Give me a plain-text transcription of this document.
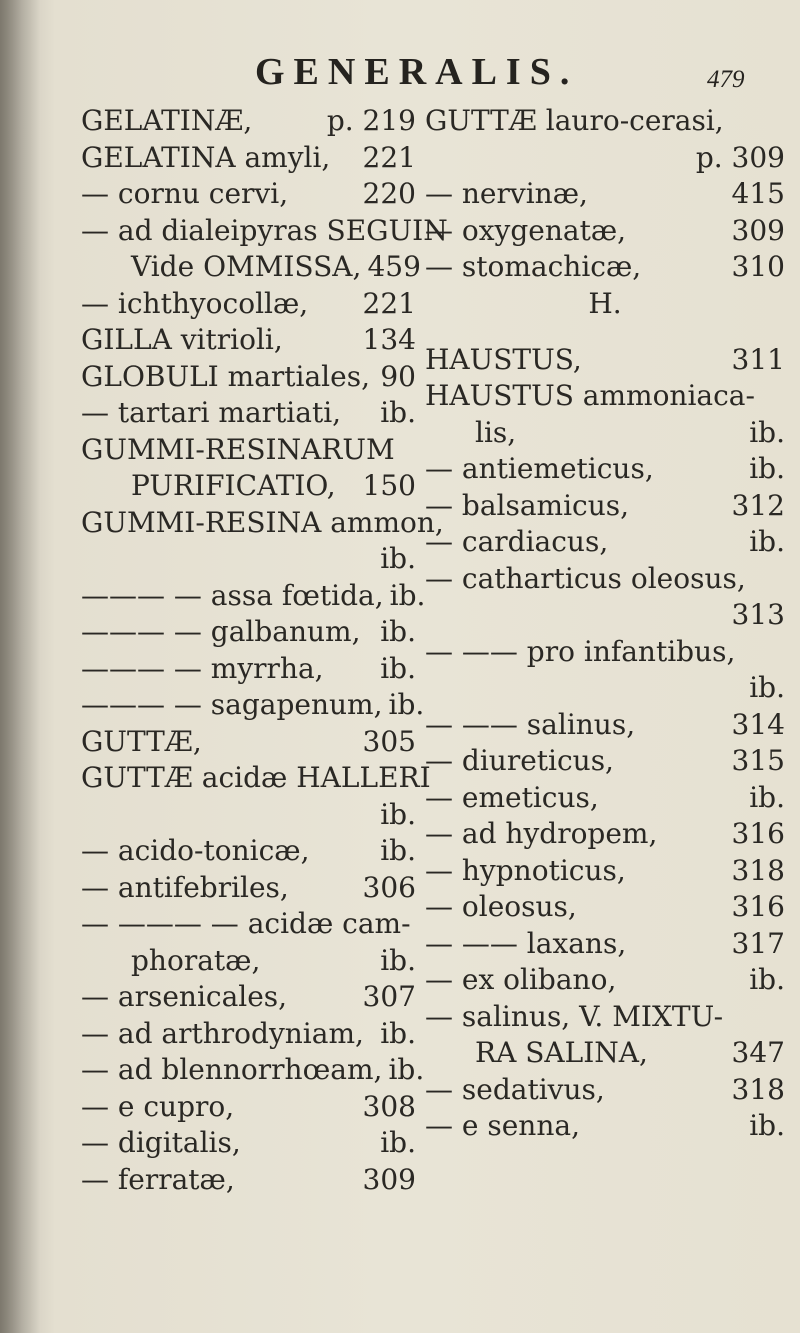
GENERALIS.	479
GELATINÆ,	p. 219
GELATINA amyli,	221
— cornu cervi,	220
— ad dialeipyras SEGUIN
Vide OMMISSA, 459
— ichthyocollæ,	221
GILLA vitrioli,	134
GLOBULI martiales, 90
— tartari martiati,	ib.
GUMMI-RESINARUM
PURIFICATIO, 150
GUMMI-RESINA ammon,
ib.
——— — assa fœtida, ib.
——— — galbanum, ib.
——— — myrrha,	ib.
——— — sagapenum, ib.
GUTTÆ,	305
GUTTÆ acidæ HALLERI
ib.
— acido-tonicæ,	ib.
— antifebriles,	306
— ——— — acidæ cam-
phoratæ,	ib.
— arsenicales,	307
— ad arthrodyniam, ib.
— ad blennorrhœam, ib.
— e cupro,	308
— digitalis,	ib.
— ferratæ,	309
GUTTÆ lauro-cerasi,
p. 309
— nervinæ,	415
— oxygenatæ,	309
— stomachicæ,	310
H.
HAUSTUS,	311
HAUSTUS ammoniaca-
lis,	ib.
— antiemeticus,	ib.
— balsamicus,	312
— cardiacus,	ib.
— catharticus oleosus,
313
— —— pro infantibus,
ib.
— —— salinus,	314
— diureticus,	315
— emeticus,	ib.
— ad hydropem,	316
— hypnoticus,	318
— oleosus,	316
— —— laxans,	317
— ex olibano,	ib.
— salinus, V. MIXTU-
RA SALINA,	347
— sedativus,	318
— e senna,	ib.
